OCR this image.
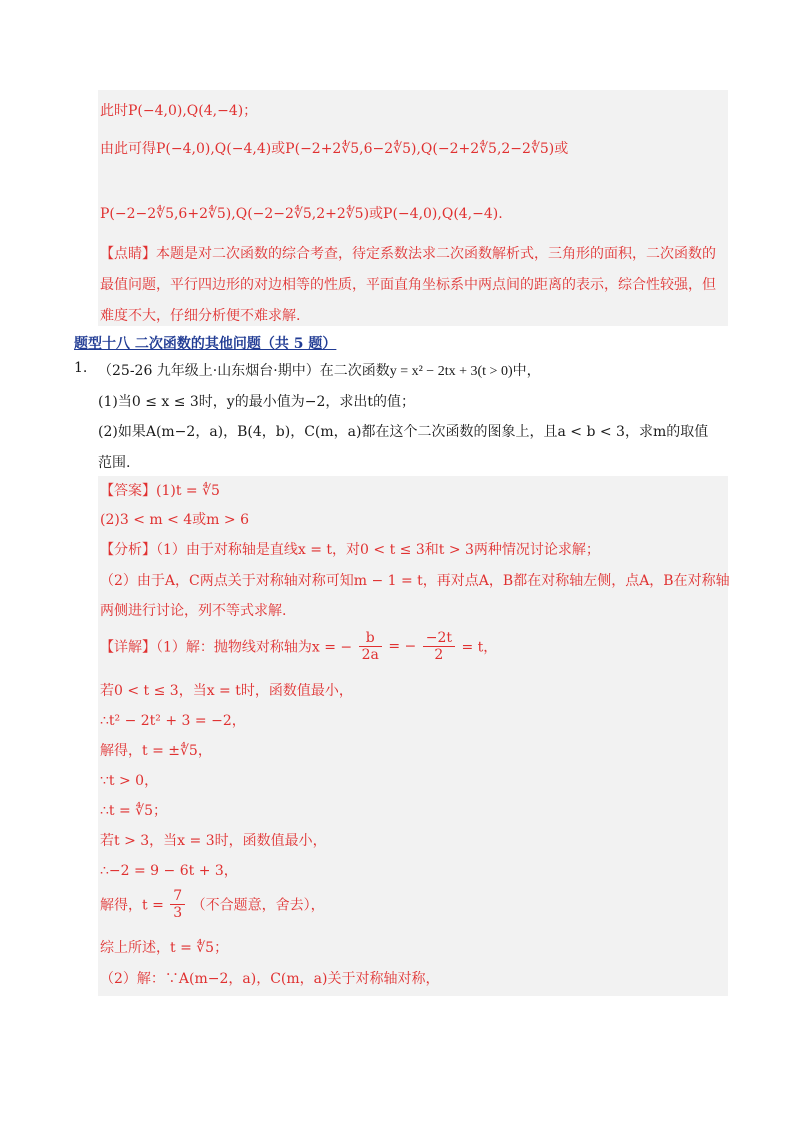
此时P(−4,0),Q(4,−4)；
由此可得P(−4,0),Q(−4,4)或P(−2+2∜5,6−2∜5),Q(−2+2∜5,2−2∜5)或
P(−2−2∜5,6+2∜5),Q(−2−2∜5,2+2∜5)或P(−4,0),Q(4,−4).
【点睛】本题是对二次函数的综合考查，待定系数法求二次函数解析式，三角形的面积，二次函数的
最值问题，平行四边形的对边相等的性质，平面直角坐标系中两点间的距离的表示，综合性较强，但
难度不大，仔细分析便不难求解.
题型十八 二次函数的其他问题（共 5 题）
1. （25-26 九年级上·山东烟台·期中）在二次函数y = x² − 2tx + 3(t > 0)中，
(1)当0 ≤ x ≤ 3时，y的最小值为−2，求出t的值；
(2)如果A(m−2，a)，B(4，b)，C(m，a)都在这个二次函数的图象上，且a < b < 3，求m的取值
范围.
【答案】(1)t = ∜5
(2)3 < m < 4或m > 6
【分析】（1）由于对称轴是直线x = t，对0 < t ≤ 3和t > 3两种情况讨论求解；
（2）由于A，C两点关于对称轴对称可知m − 1 = t，再对点A，B都在对称轴左侧，点A，B在对称轴
两侧进行讨论，列不等式求解.
【详解】（1）解：抛物线对称轴为x = − $\frac{b}{2a}$ = − $\frac{-2t}{2} = t$，
若0 < t ≤ 3，当x = t时，函数值最小，
∴t² − 2t² + 3 = −2，
解得，t = ±∜5，
∵t > 0，
∴t = ∜5；
若t > 3，当x = 3时，函数值最小，
∴−2 = 9 − 6t + 3，
解得，$t = \frac{7}{3}$ （不合题意，舍去），
综上所述，t = ∜5；
（2）解：∵A(m−2，a)，C(m，a)关于对称轴对称，
